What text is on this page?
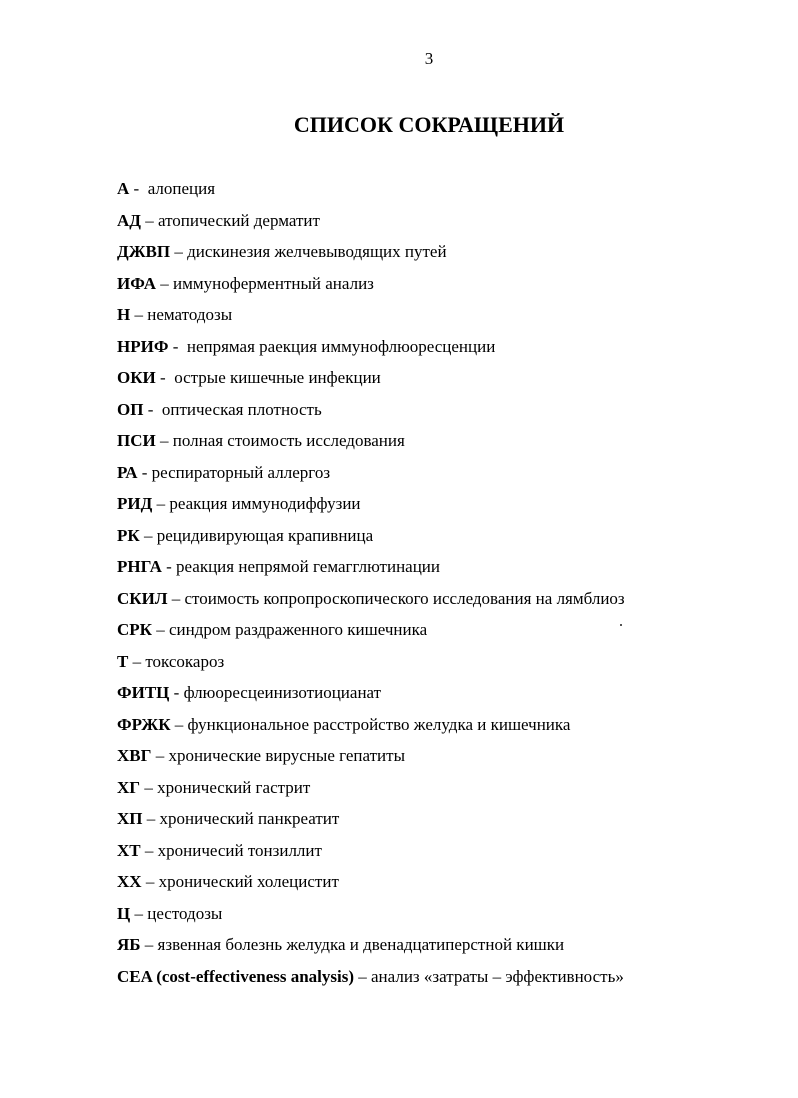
3
СПИСОК СОКРАЩЕНИЙ
А -  алопеция
АД – атопический дерматит
ДЖВП – дискинезия желчевыводящих путей
ИФА – иммуноферментный анализ
Н – нематодозы
НРИФ -  непрямая раекция иммунофлюоресценции
ОКИ -  острые кишечные инфекции
ОП -  оптическая плотность
ПСИ – полная стоимость исследования
РА - респираторный аллергоз
РИД – реакция иммунодиффузии
РК – рецидивирующая крапивница
РНГА - реакция непрямой гемагглютинации
СКИЛ – стоимость копропроскопического исследования на лямблиоз
СРК – синдром раздраженного кишечника
Т – токсокароз
ФИТЦ - флюоресцеинизотиоцианат
ФРЖК – функциональное расстройство желудка и кишечника
ХВГ – хронические вирусные гепатиты
ХГ – хронический гастрит
ХП – хронический панкреатит
ХТ – хроничесий тонзиллит
ХХ – хронический холецистит
Ц – цестодозы
ЯБ – язвенная болезнь желудка и двенадцатиперстной кишки
CEA (cost-effectiveness analysis) – анализ «затраты – эффективность»
